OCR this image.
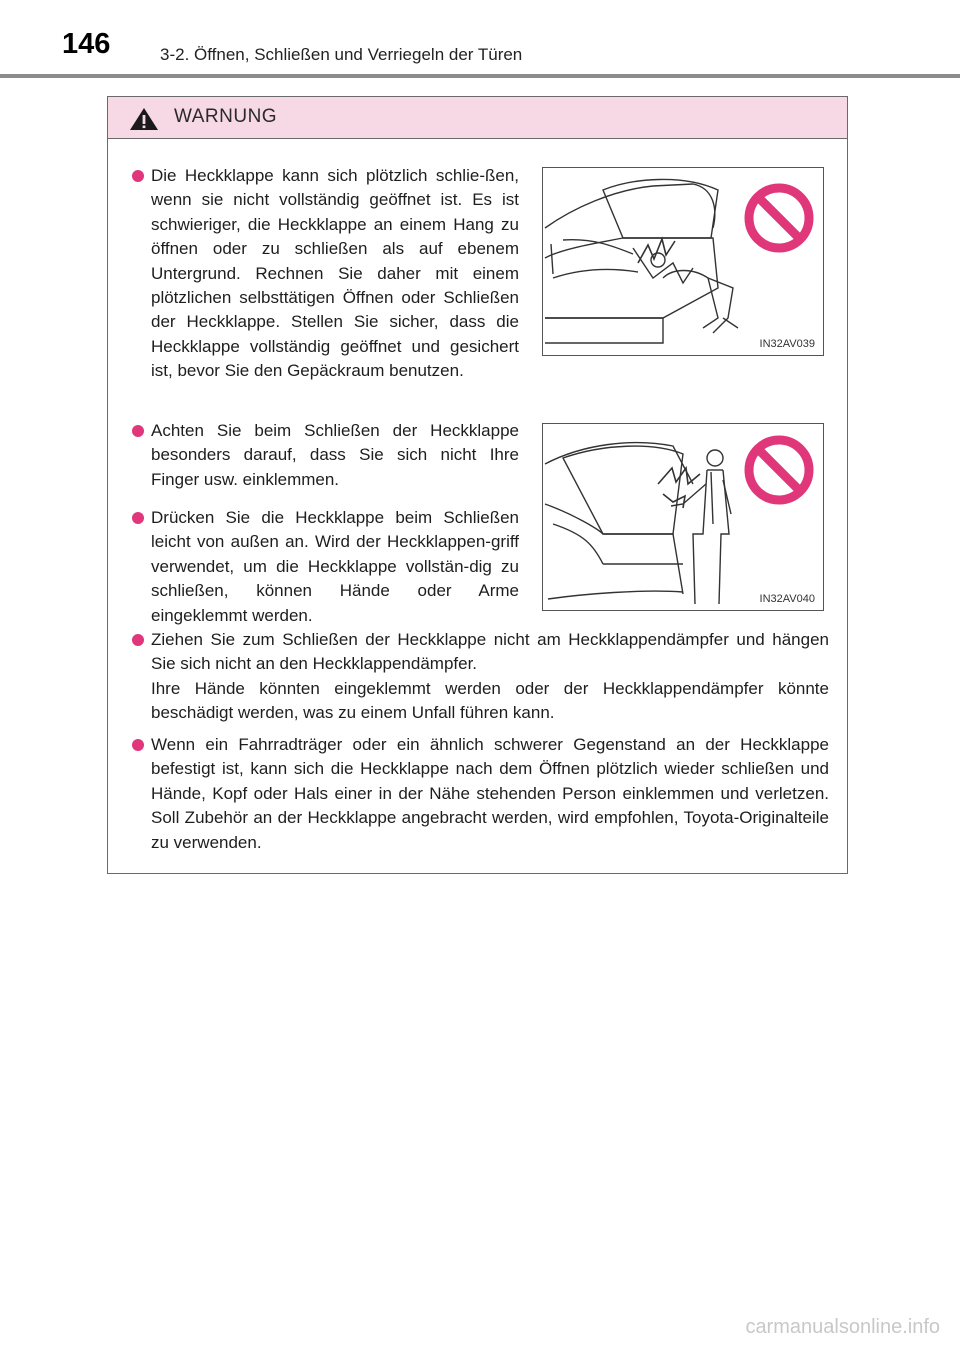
146	3-2. Öffnen, Schließen und Verriegeln der Türen
WARNUNG

Die Heckklappe kann sich plötzlich schlie-ßen, wenn sie nicht vollständig geöffnet ist. Es ist schwieriger, die Heckklappe an einem Hang zu öffnen oder zu schließen als auf ebenem Untergrund. Rechnen Sie daher mit einem plötzlichen selbsttätigen Öffnen oder Schließen der Heckklappe. Stellen Sie sicher, dass die Heckklappe vollständig geöffnet und gesichert ist, bevor Sie den Gepäckraum benutzen.

IN32AV039

Achten Sie beim Schließen der Heckklappe besonders darauf, dass Sie sich nicht Ihre Finger usw. einklemmen.

Drücken Sie die Heckklappe beim Schließen leicht von außen an. Wird der Heckklappen-griff verwendet, um die Heckklappe vollstän-dig zu schließen, können Hände oder Arme eingeklemmt werden.

IN32AV040

Ziehen Sie zum Schließen der Heckklappe nicht am Heckklappendämpfer und hängen Sie sich nicht an den Heckklappendämpfer.

Ihre Hände könnten eingeklemmt werden oder der Heckklappendämpfer könnte beschädigt werden, was zu einem Unfall führen kann.

Wenn ein Fahrradträger oder ein ähnlich schwerer Gegenstand an der Heckklappe befestigt ist, kann sich die Heckklappe nach dem Öffnen plötzlich wieder schließen und Hände, Kopf oder Hals einer in der Nähe stehenden Person einklemmen und verletzen. Soll Zubehör an der Heckklappe angebracht werden, wird empfohlen, Toyota-Originalteile zu verwenden.

carmanualsonline.info
